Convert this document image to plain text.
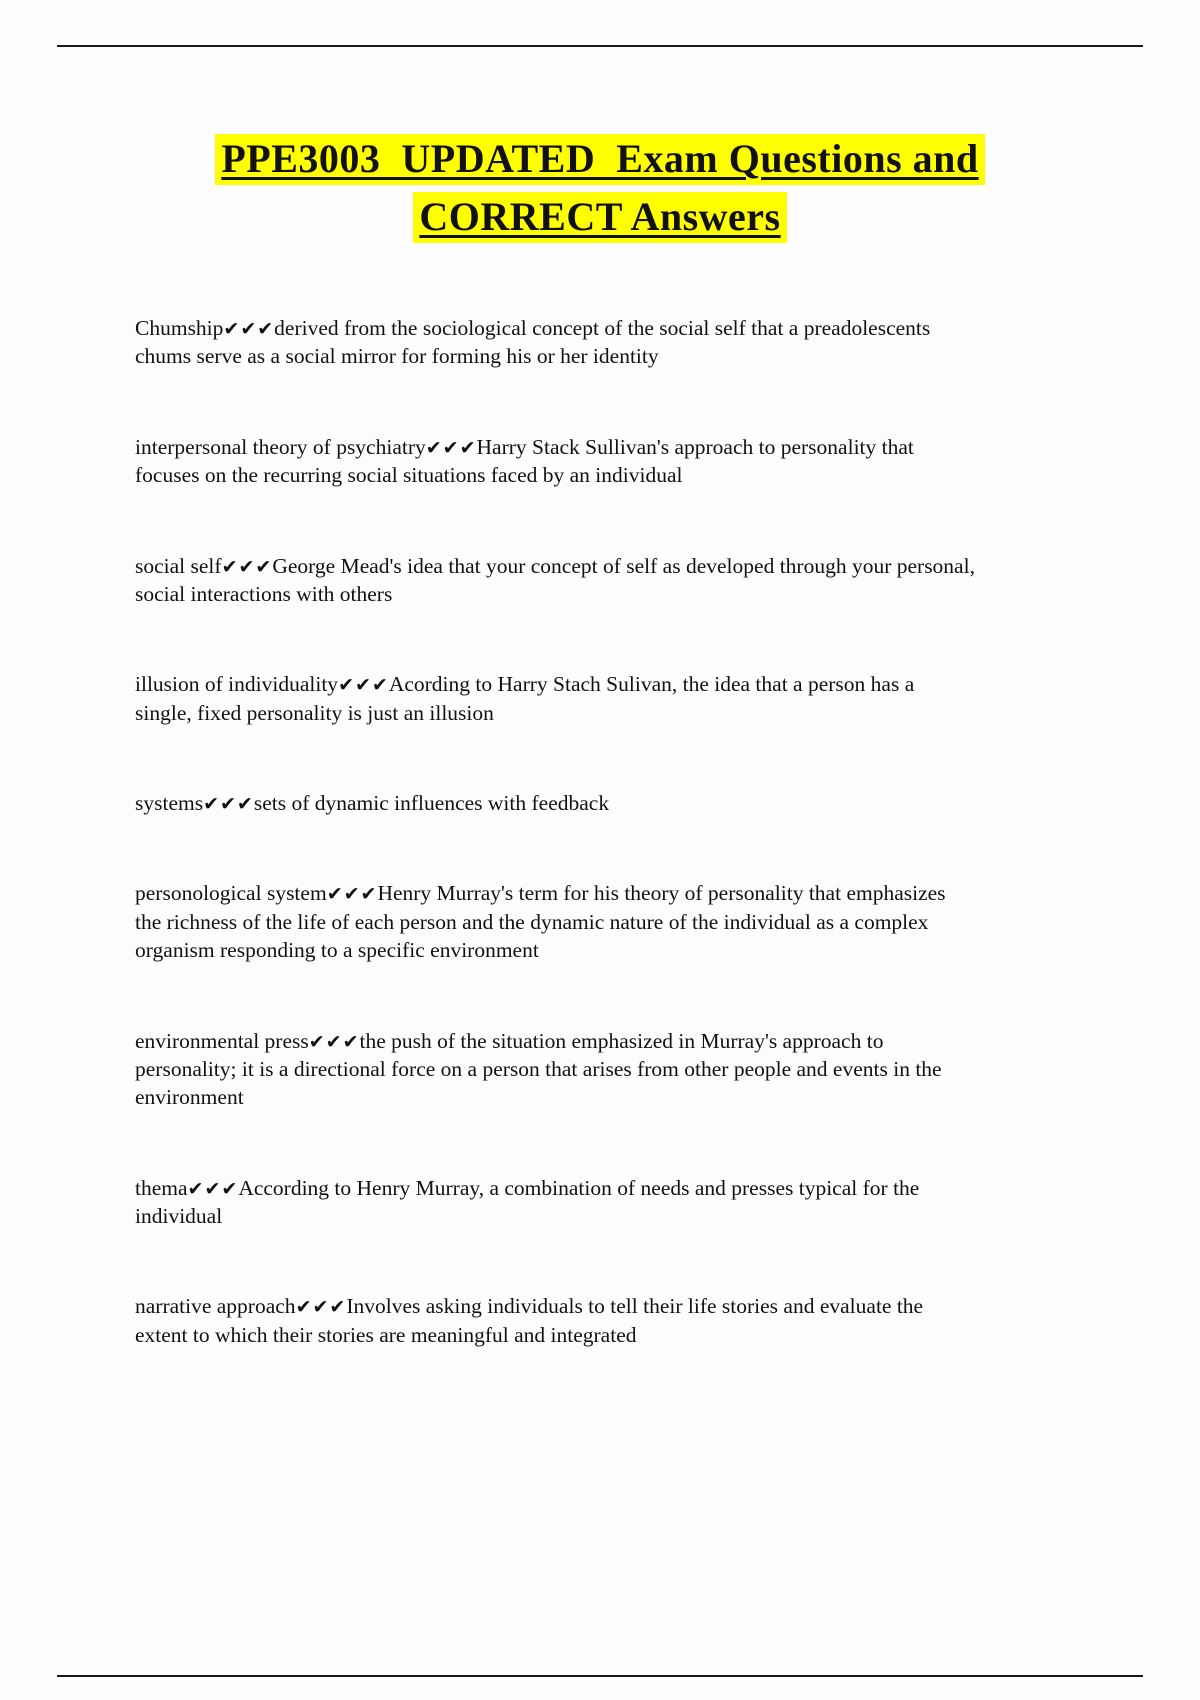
PPE3003  UPDATED  Exam Questions and
CORRECT Answers

Chumship✔✔✔derived from the sociological concept of the social self that a preadolescents chums serve as a social mirror for forming his or her identity

interpersonal theory of psychiatry✔✔✔Harry Stack Sullivan's approach to personality that focuses on the recurring social situations faced by an individual

social self✔✔✔George Mead's idea that your concept of self as developed through your personal, social interactions with others

illusion of individuality✔✔✔Acording to Harry Stach Sulivan, the idea that a person has a single, fixed personality is just an illusion

systems✔✔✔sets of dynamic influences with feedback

personological system✔✔✔Henry Murray's term for his theory of personality that emphasizes the richness of the life of each person and the dynamic nature of the individual as a complex organism responding to a specific environment

environmental press✔✔✔the push of the situation emphasized in Murray's approach to personality; it is a directional force on a person that arises from other people and events in the environment

thema✔✔✔According to Henry Murray, a combination of needs and presses typical for the individual

narrative approach✔✔✔Involves asking individuals to tell their life stories and evaluate the extent to which their stories are meaningful and integrated
